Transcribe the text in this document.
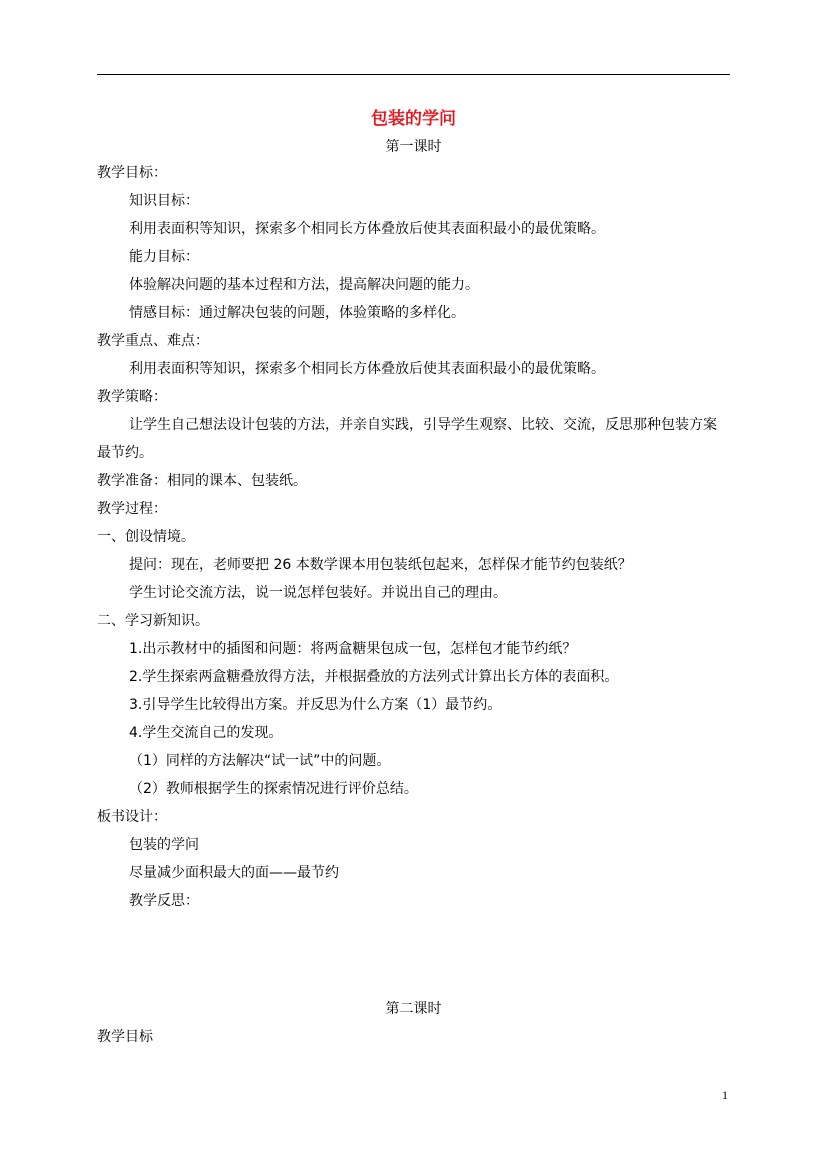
包装的学问
第一课时
教学目标：
知识目标：
利用表面积等知识，探索多个相同长方体叠放后使其表面积最小的最优策略。
能力目标：
体验解决问题的基本过程和方法，提高解决问题的能力。
情感目标：通过解决包装的问题，体验策略的多样化。
教学重点、难点：
利用表面积等知识，探索多个相同长方体叠放后使其表面积最小的最优策略。
教学策略：
让学生自己想法设计包装的方法，并亲自实践，引导学生观察、比较、交流，反思那种包装方案最节约。
教学准备：相同的课本、包装纸。
教学过程：
一、创设情境。
提问：现在，老师要把 26 本数学课本用包装纸包起来，怎样保才能节约包装纸？
学生讨论交流方法，说一说怎样包装好。并说出自己的理由。
二、学习新知识。
1.出示教材中的插图和问题：将两盒糖果包成一包，怎样包才能节约纸？
2.学生探索两盒糖叠放得方法，并根据叠放的方法列式计算出长方体的表面积。
3.引导学生比较得出方案。并反思为什么方案（1）最节约。
4.学生交流自己的发现。
（1）同样的方法解决“试一试”中的问题。
（2）教师根据学生的探索情况进行评价总结。
板书设计：
包装的学问
尽量减少面积最大的面——最节约
教学反思：
第二课时
教学目标
1
